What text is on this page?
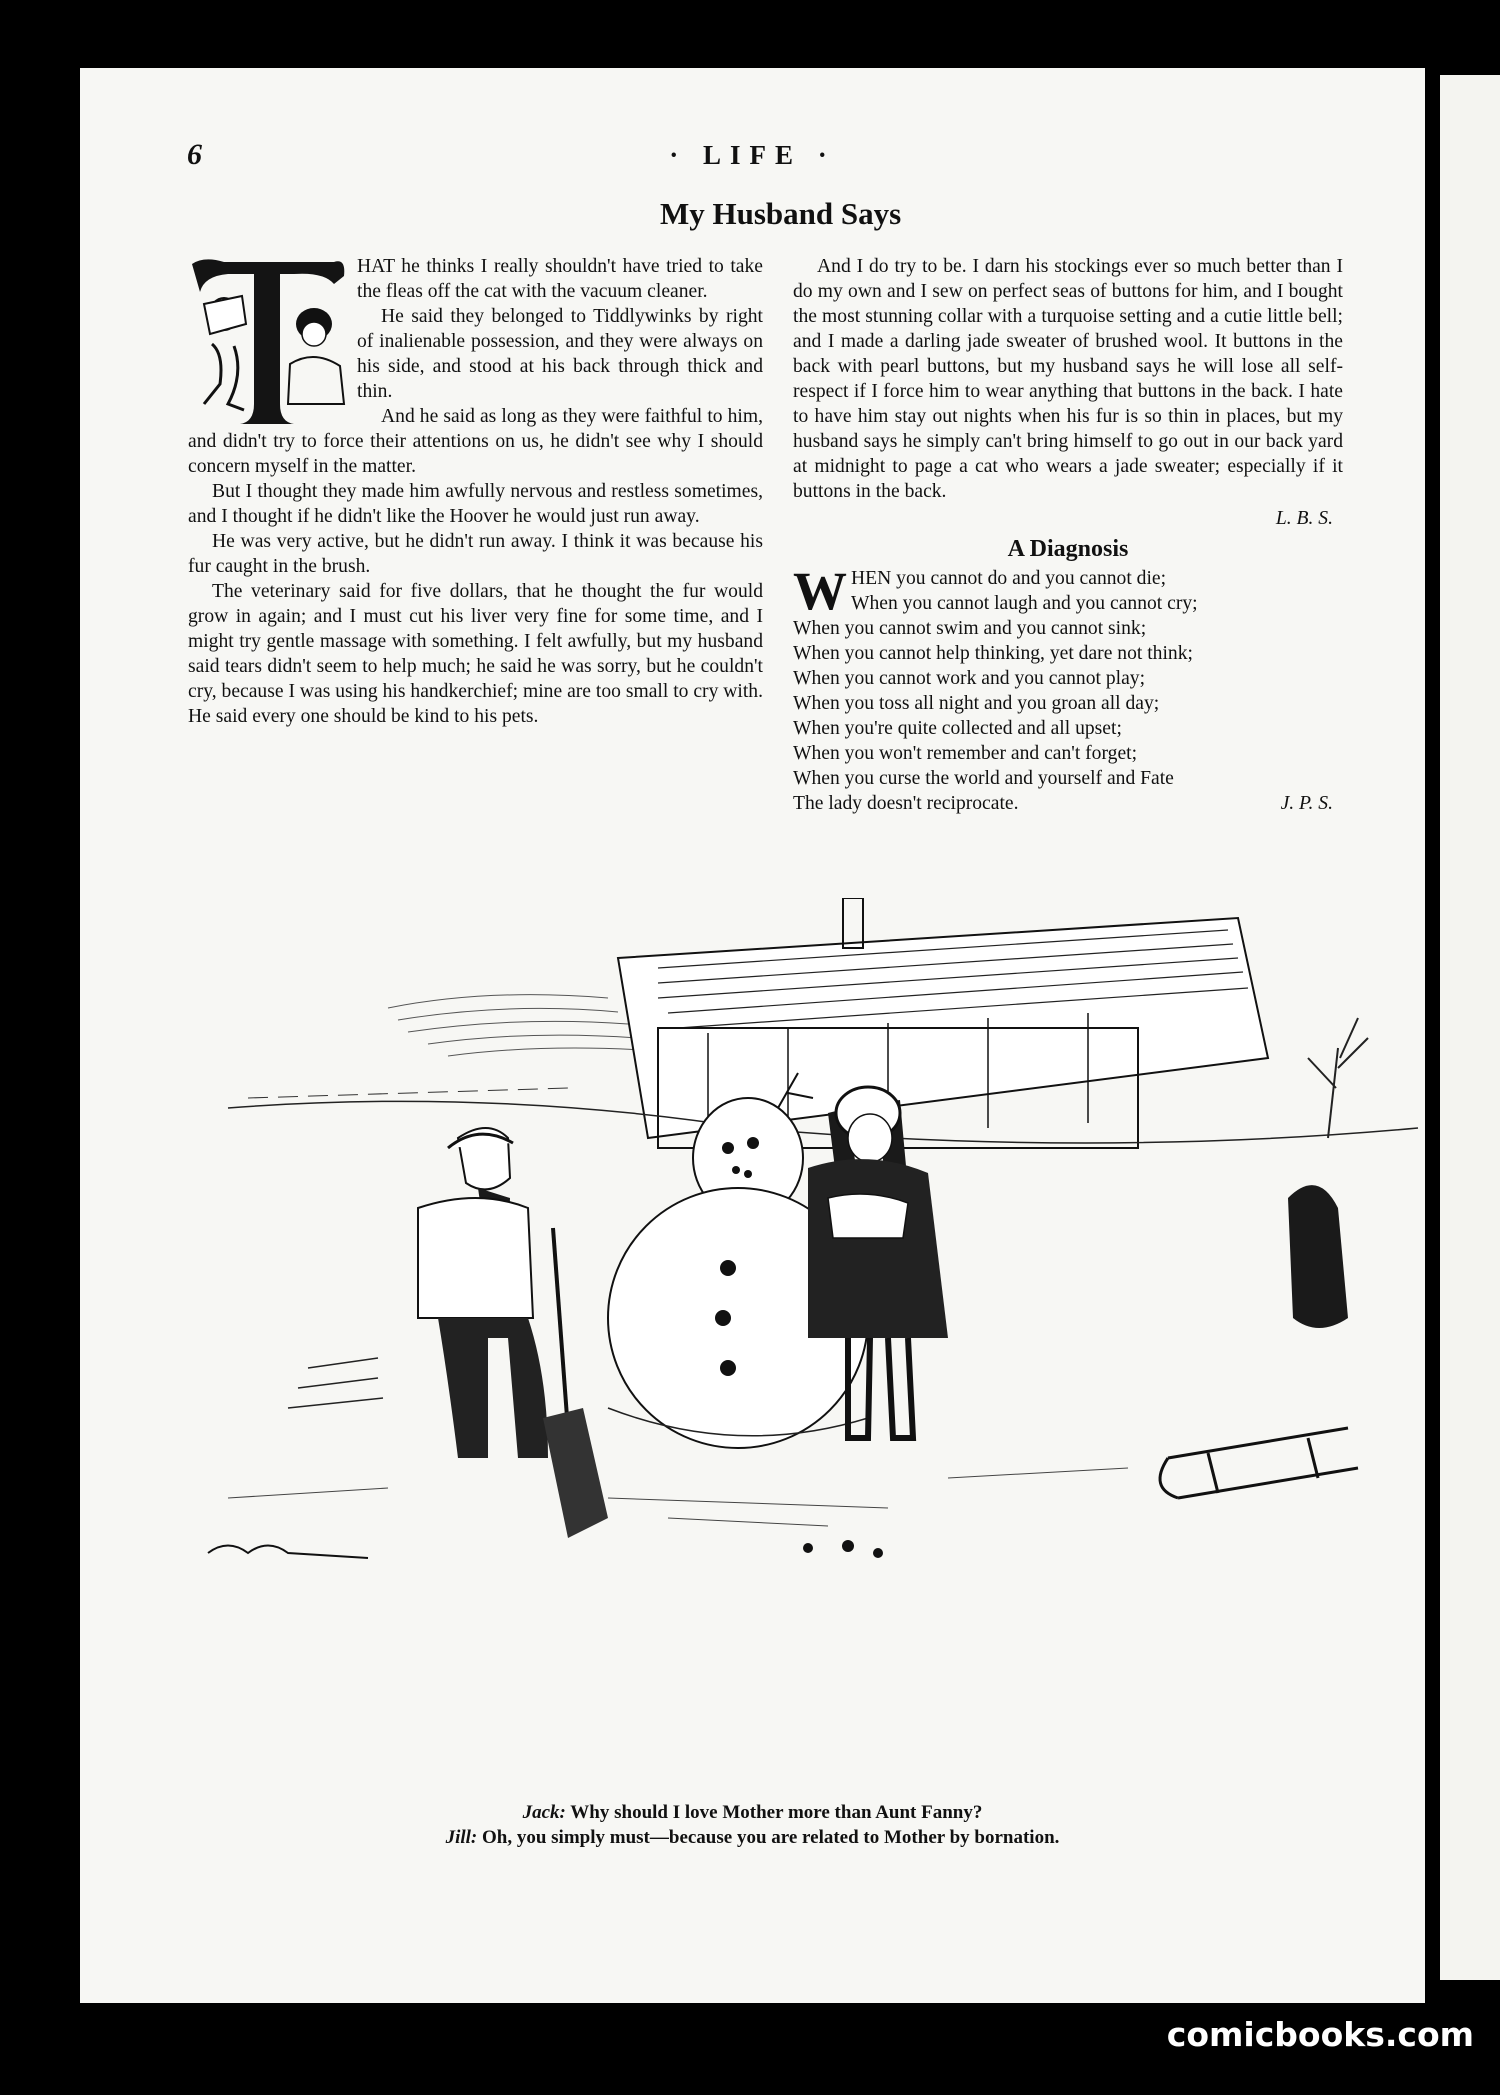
6	· LIFE ·
My Husband Says

HAT he thinks I really shouldn't have tried to take the fleas off the cat with the vacuum cleaner.

He said they belonged to Tiddlywinks by right of inalienable possession, and they were always on his side, and stood at his back through thick and thin.

And he said as long as they were faithful to him, and didn't try to force their attentions on us, he didn't see why I should concern myself in the matter.

But I thought they made him awfully nervous and restless sometimes, and I thought if he didn't like the Hoover he would just run away.

He was very active, but he didn't run away. I think it was because his fur caught in the brush.

The veterinary said for five dollars, that he thought the fur would grow in again; and I must cut his liver very fine for some time, and I might try gentle massage with something. I felt awfully, but my husband said tears didn't seem to help much; he said he was sorry, but he couldn't cry, because I was using his handkerchief; mine are too small to cry with. He said every one should be kind to his pets.

And I do try to be. I darn his stockings ever so much better than I do my own and I sew on perfect seas of buttons for him, and I bought the most stunning collar with a turquoise setting and a cutie little bell; and I made a darling jade sweater of brushed wool. It buttons in the back with pearl buttons, but my husband says he will lose all self-respect if I force him to wear anything that buttons in the back. I hate to have him stay out nights when his fur is so thin in places, but my husband says he simply can't bring himself to go out in our back yard at midnight to page a cat who wears a jade sweater; especially if it buttons in the back.

L. B. S.
A Diagnosis
W HEN you cannot do and you cannot die;
When you cannot laugh and you cannot cry;
When you cannot swim and you cannot sink;
When you cannot help thinking, yet dare not think;
When you cannot work and you cannot play;
When you toss all night and you groan all day;
When you're quite collected and all upset;
When you won't remember and can't forget;
When you curse the world and yourself and Fate
The lady doesn't reciprocate.	J. P. S.
Jack: Why should I love Mother more than Aunt Fanny?
Jill: Oh, you simply must—because you are related to Mother by bornation.
comicbooks.com
